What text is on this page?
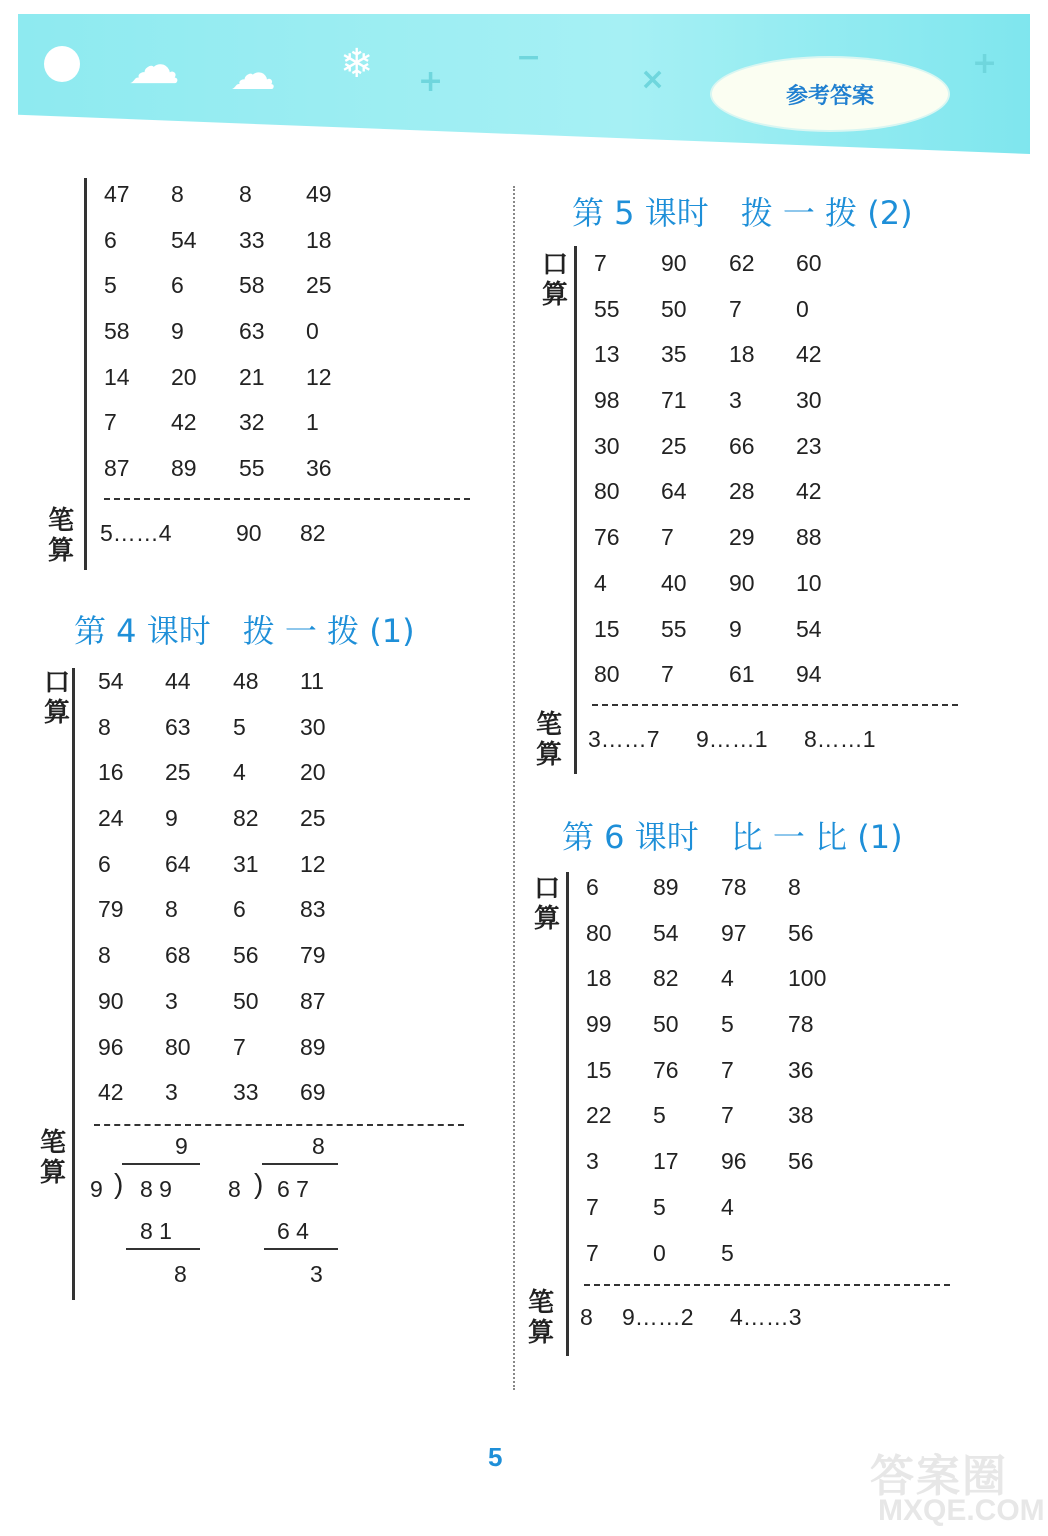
☁ ☁ ❄ +
−
×	+
参考答案
47 8 8 49
6 54 33 18
5 6 58 25
58 9 63 0
14 20 21 12
7 42 32 1
87 89 55 36
笔
算
5……4	90 82
第 4 课时　拨 一 拨 (1)
口
算
54 44 48 11
8 63 5 30
16 25 4 20
24 9 82 25
6 64 31 12
79 8 6 83
8 68 56 79
90 3 50 87
96 80 7 89
42 3 33 69
笔
算
9
9 ) 8 9
8 1
8
8
8 ) 6 7
6 4
3
第 5 课时　拨 一 拨 (2)
口
算
7 90 62 60
55 50 7 0
13 35 18 42
98 71 3 30
30 25 66 23
80 64 28 42
76 7 29 88
4 40 90 10
15 55 9 54
80 7 61 94
笔
算
3……7 9……1 8……1
第 6 课时　比 一 比 (1)
口
算
6 89 78 8
80 54 97 56
18 82 4 100
99 50 5 78
15 76 7 36
22 5 7 38
3 17 96 56
7 5 4
7 0 5
笔
算
8 9……2 4……3
5	答案圈
MXQE.COM
